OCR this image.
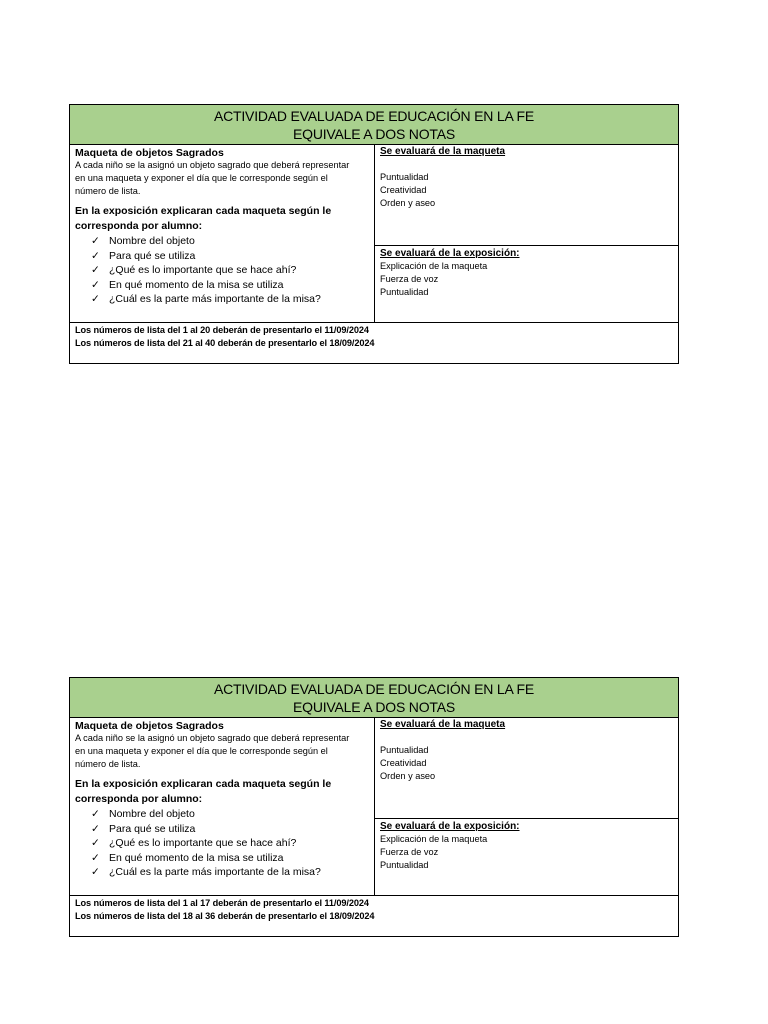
ACTIVIDAD EVALUADA DE EDUCACIÓN EN LA FE
EQUIVALE A DOS NOTAS
Maqueta de objetos Sagrados
A cada niño se la asignó un objeto sagrado que deberá representar
en una maqueta y exponer el día que le corresponde según el
número de lista.
En la exposición explicaran cada maqueta según le
corresponda por alumno:
✓ Nombre del objeto
✓ Para qué se utiliza
✓ ¿Qué es lo importante que se hace ahí?
✓ En qué momento de la misa se utiliza
✓ ¿Cuál es la parte más importante de la misa?
Se evaluará de la maqueta
Puntualidad
Creatividad
Orden y aseo
Se evaluará de la exposición:
Explicación de la maqueta
Fuerza de voz
Puntualidad
Los números de lista del 1 al 20 deberán de presentarlo el 11/09/2024
Los números de lista del 21 al 40 deberán de presentarlo el 18/09/2024
ACTIVIDAD EVALUADA DE EDUCACIÓN EN LA FE
EQUIVALE A DOS NOTAS
Maqueta de objetos Sagrados
A cada niño se la asignó un objeto sagrado que deberá representar
en una maqueta y exponer el día que le corresponde según el
número de lista.
En la exposición explicaran cada maqueta según le
corresponda por alumno:
✓ Nombre del objeto
✓ Para qué se utiliza
✓ ¿Qué es lo importante que se hace ahí?
✓ En qué momento de la misa se utiliza
✓ ¿Cuál es la parte más importante de la misa?
Se evaluará de la maqueta
Puntualidad
Creatividad
Orden y aseo
Se evaluará de la exposición:
Explicación de la maqueta
Fuerza de voz
Puntualidad
Los números de lista del 1 al 17 deberán de presentarlo el 11/09/2024
Los números de lista del 18 al 36 deberán de presentarlo el 18/09/2024
